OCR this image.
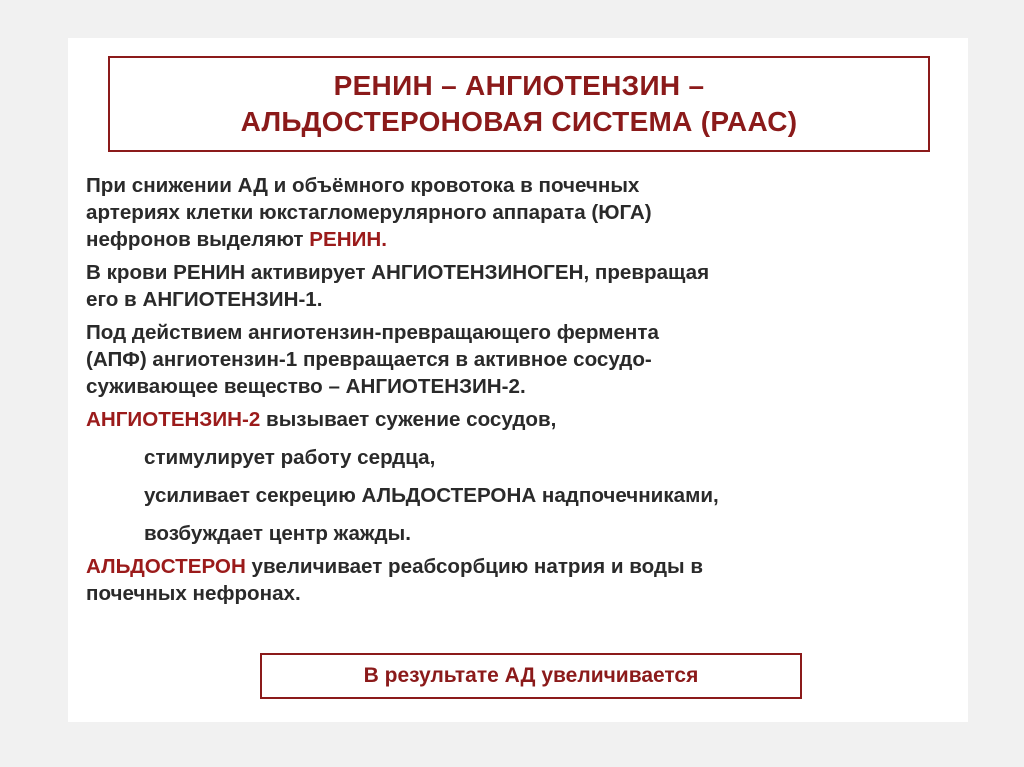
РЕНИН – АНГИОТЕНЗИН –
АЛЬДОСТЕРОНОВАЯ СИСТЕМА (РААС)
При снижении АД и объёмного кровотока в почечных
артериях клетки юкстагломерулярного аппарата (ЮГА)
нефронов выделяют РЕНИН.
В крови РЕНИН активирует АНГИОТЕНЗИНОГЕН, превращая
его в АНГИОТЕНЗИН-1.
Под действием ангиотензин-превращающего фермента
(АПФ) ангиотензин-1 превращается в активное сосудо-
суживающее вещество – АНГИОТЕНЗИН-2.
АНГИОТЕНЗИН-2 вызывает сужение сосудов,
стимулирует работу сердца,
усиливает секрецию АЛЬДОСТЕРОНА надпочечниками,
возбуждает центр жажды.
АЛЬДОСТЕРОН увеличивает реабсорбцию натрия и воды в
почечных нефронах.
В результате АД увеличивается
